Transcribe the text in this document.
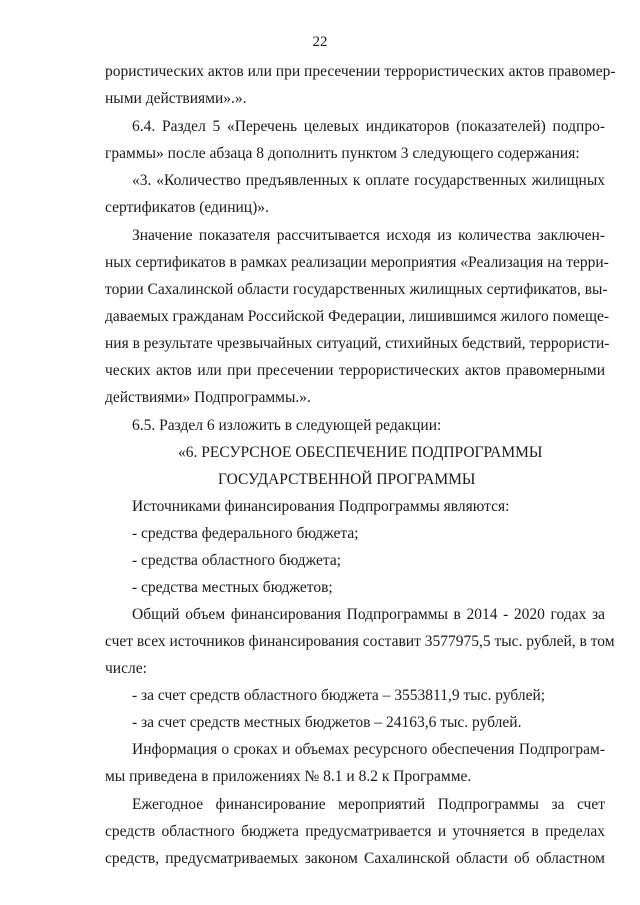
22
рористических актов или при пресечении террористических актов правомер-
ными действиями».».
6.4. Раздел 5 «Перечень целевых индикаторов (показателей) подпро-
граммы» после абзаца 8 дополнить пунктом 3 следующего содержания:
«3. «Количество предъявленных к оплате государственных жилищных
сертификатов (единиц)».
Значение показателя рассчитывается исходя из количества заключен-
ных сертификатов в рамках реализации мероприятия «Реализация на терри-
тории Сахалинской области государственных жилищных сертификатов, вы-
даваемых гражданам Российской Федерации, лишившимся жилого помеще-
ния в результате чрезвычайных ситуаций, стихийных бедствий, террористи-
ческих актов или при пресечении террористических актов правомерными
действиями» Подпрограммы.».
6.5. Раздел 6 изложить в следующей редакции:
«6. РЕСУРСНОЕ ОБЕСПЕЧЕНИЕ ПОДПРОГРАММЫ
ГОСУДАРСТВЕННОЙ ПРОГРАММЫ
Источниками финансирования Подпрограммы являются:
- средства федерального бюджета;
- средства областного бюджета;
- средства местных бюджетов;
Общий объем финансирования Подпрограммы в 2014 - 2020 годах за
счет всех источников финансирования составит 3577975,5 тыс. рублей, в том
числе:
- за счет средств областного бюджета – 3553811,9 тыс. рублей;
- за счет средств местных бюджетов – 24163,6 тыс. рублей.
Информация о сроках и объемах ресурсного обеспечения Подпрограм-
мы приведена в приложениях № 8.1 и 8.2 к Программе.
Ежегодное финансирование мероприятий Подпрограммы за счет
средств областного бюджета предусматривается и уточняется в пределах
средств, предусматриваемых законом Сахалинской области об областном
